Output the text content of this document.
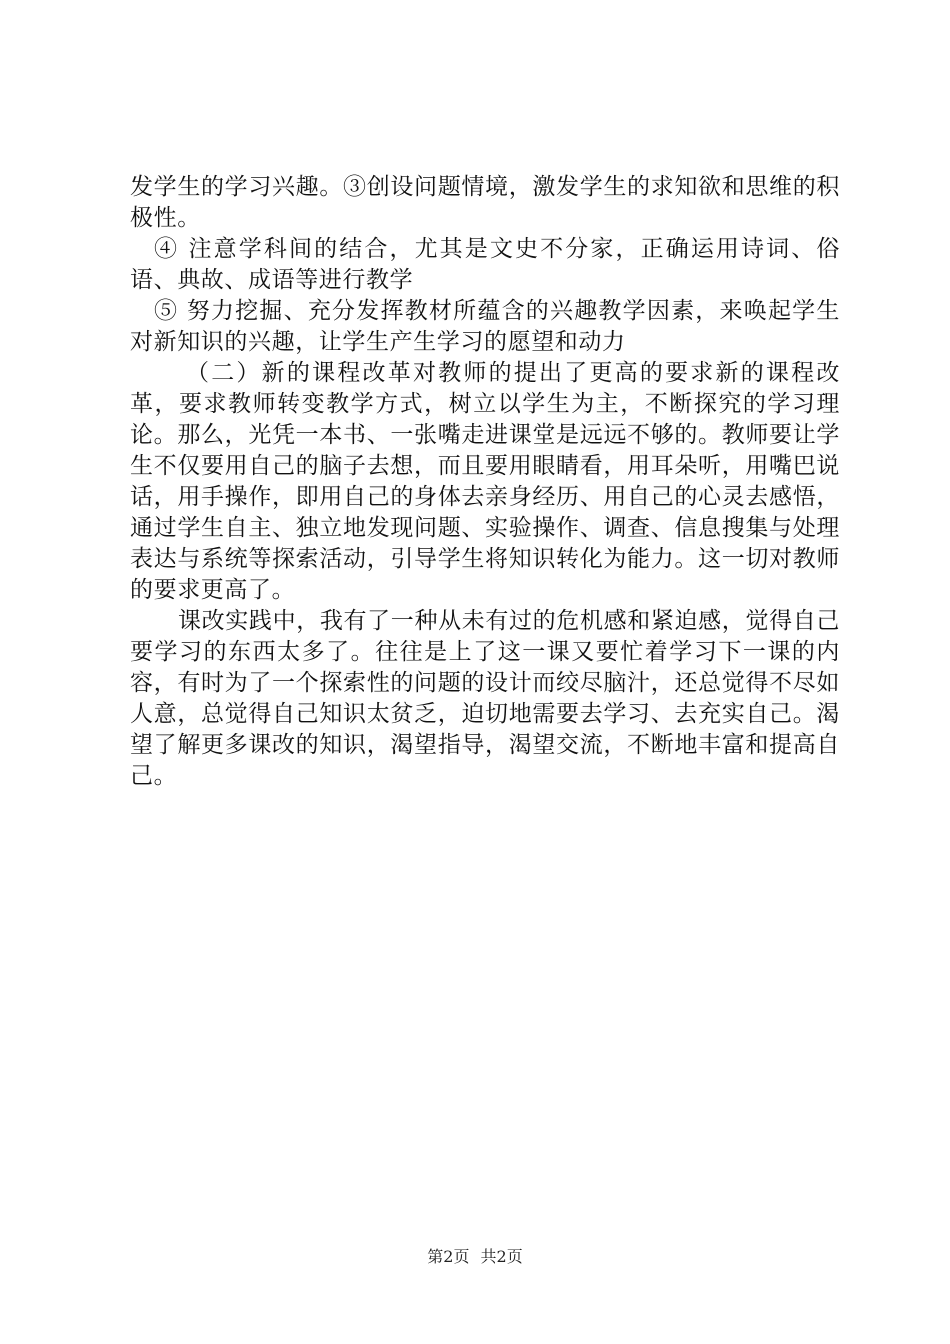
发学生的学习兴趣。③创设问题情境，激发学生的求知欲和思维的积极性。

④ 注意学科间的结合，尤其是文史不分家，正确运用诗词、俗语、典故、成语等进行教学

⑤ 努力挖掘、充分发挥教材所蕴含的兴趣教学因素，来唤起学生对新知识的兴趣，让学生产生学习的愿望和动力

（二）新的课程改革对教师的提出了更高的要求新的课程改革，要求教师转变教学方式，树立以学生为主，不断探究的学习理论。那么，光凭一本书、一张嘴走进课堂是远远不够的。教师要让学生不仅要用自己的脑子去想，而且要用眼睛看，用耳朵听，用嘴巴说话，用手操作，即用自己的身体去亲身经历、用自己的心灵去感悟，通过学生自主、独立地发现问题、实验操作、调查、信息搜集与处理表达与系统等探索活动，引导学生将知识转化为能力。这一切对教师的要求更高了。

课改实践中，我有了一种从未有过的危机感和紧迫感，觉得自己要学习的东西太多了。往往是上了这一课又要忙着学习下一课的内容，有时为了一个探索性的问题的设计而绞尽脑汁，还总觉得不尽如人意，总觉得自己知识太贫乏，迫切地需要去学习、去充实自己。渴望了解更多课改的知识，渴望指导，渴望交流，不断地丰富和提高自己。

第2页 共2页
